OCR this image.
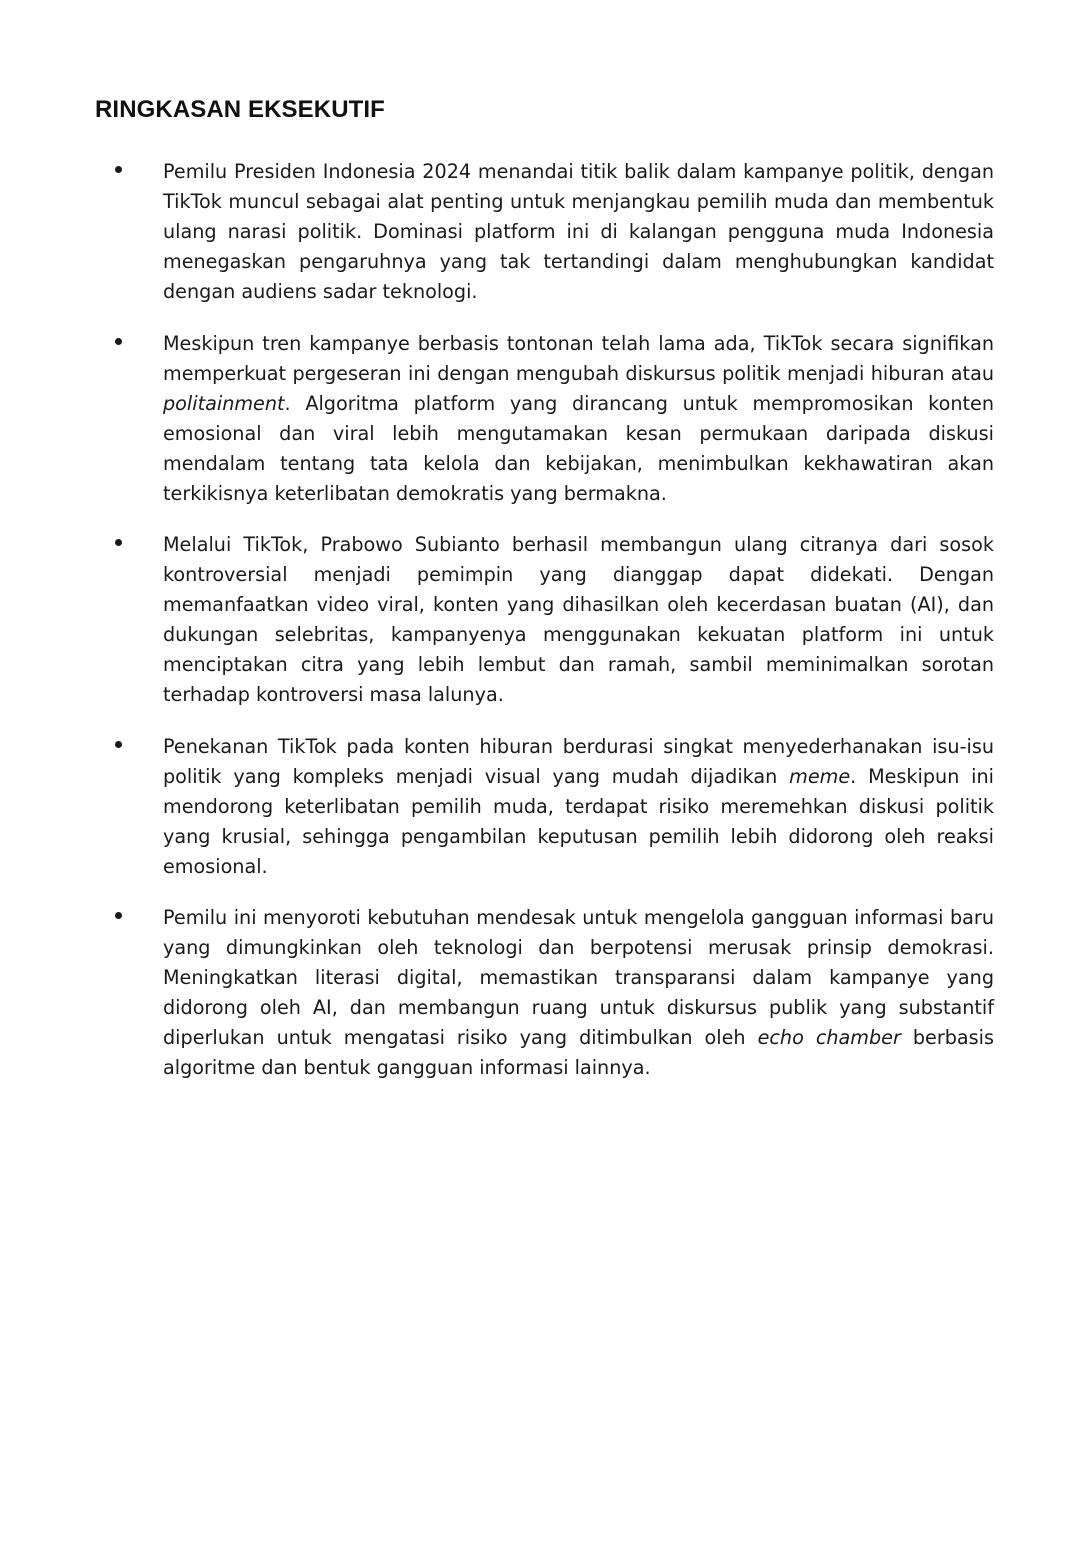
RINGKASAN EKSEKUTIF

Pemilu Presiden Indonesia 2024 menandai titik balik dalam kampanye politik, dengan TikTok muncul sebagai alat penting untuk menjangkau pemilih muda dan membentuk ulang narasi politik. Dominasi platform ini di kalangan pengguna muda Indonesia menegaskan pengaruhnya yang tak tertandingi dalam menghubungkan kandidat dengan audiens sadar teknologi.

Meskipun tren kampanye berbasis tontonan telah lama ada, TikTok secara signifikan memperkuat pergeseran ini dengan mengubah diskursus politik menjadi hiburan atau politainment. Algoritma platform yang dirancang untuk mempromosikan konten emosional dan viral lebih mengutamakan kesan permukaan daripada diskusi mendalam tentang tata kelola dan kebijakan, menimbulkan kekhawatiran akan terkikisnya keterlibatan demokratis yang bermakna.

Melalui TikTok, Prabowo Subianto berhasil membangun ulang citranya dari sosok kontroversial menjadi pemimpin yang dianggap dapat didekati. Dengan memanfaatkan video viral, konten yang dihasilkan oleh kecerdasan buatan (AI), dan dukungan selebritas, kampanyenya menggunakan kekuatan platform ini untuk menciptakan citra yang lebih lembut dan ramah, sambil meminimalkan sorotan terhadap kontroversi masa lalunya.

Penekanan TikTok pada konten hiburan berdurasi singkat menyederhanakan isu-isu politik yang kompleks menjadi visual yang mudah dijadikan meme. Meskipun ini mendorong keterlibatan pemilih muda, terdapat risiko meremehkan diskusi politik yang krusial, sehingga pengambilan keputusan pemilih lebih didorong oleh reaksi emosional.

Pemilu ini menyoroti kebutuhan mendesak untuk mengelola gangguan informasi baru yang dimungkinkan oleh teknologi dan berpotensi merusak prinsip demokrasi. Meningkatkan literasi digital, memastikan transparansi dalam kampanye yang didorong oleh AI, dan membangun ruang untuk diskursus publik yang substantif diperlukan untuk mengatasi risiko yang ditimbulkan oleh echo chamber berbasis algoritme dan bentuk gangguan informasi lainnya.
